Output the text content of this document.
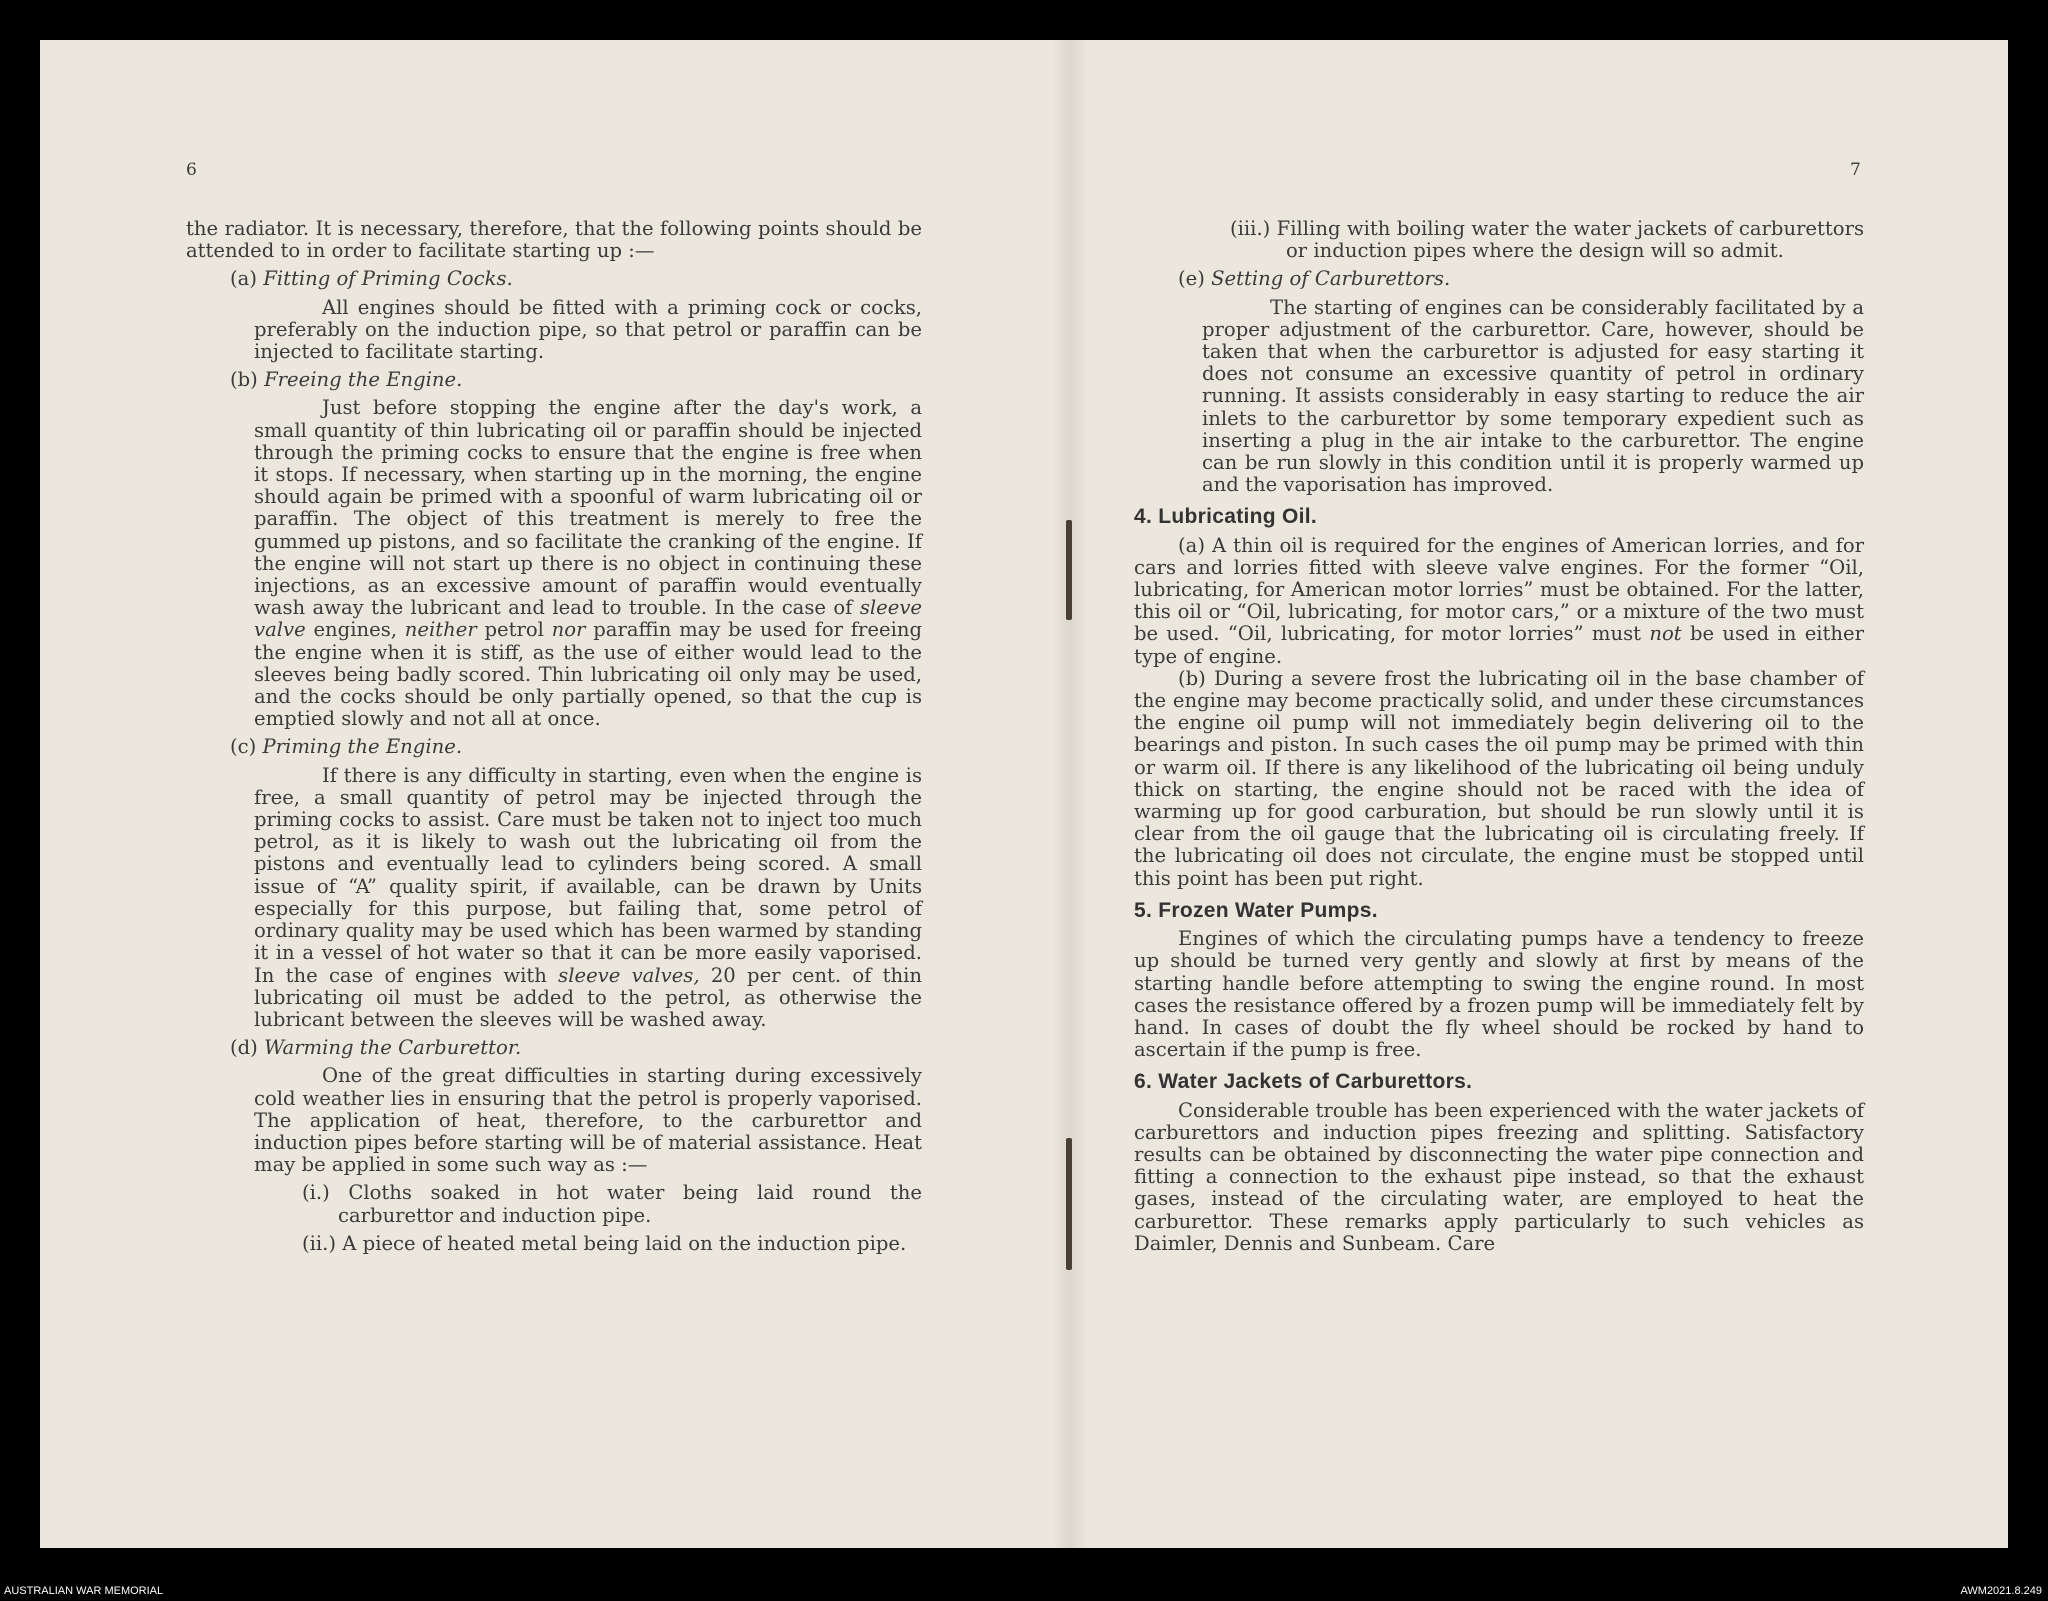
6	7

the radiator. It is necessary, therefore, that the following points should be attended to in order to facilitate starting up :—

(a) Fitting of Priming Cocks.

All engines should be fitted with a priming cock or cocks, preferably on the induction pipe, so that petrol or paraffin can be injected to facilitate starting.

(b) Freeing the Engine.

Just before stopping the engine after the day's work, a small quantity of thin lubricating oil or paraffin should be injected through the priming cocks to ensure that the engine is free when it stops. If necessary, when starting up in the morning, the engine should again be primed with a spoonful of warm lubricating oil or paraffin. The object of this treatment is merely to free the gummed up pistons, and so facilitate the cranking of the engine. If the engine will not start up there is no object in continuing these injections, as an excessive amount of paraffin would eventually wash away the lubricant and lead to trouble. In the case of sleeve valve engines, neither petrol nor paraffin may be used for freeing the engine when it is stiff, as the use of either would lead to the sleeves being badly scored. Thin lubricating oil only may be used, and the cocks should be only partially opened, so that the cup is emptied slowly and not all at once.

(c) Priming the Engine.

If there is any difficulty in starting, even when the engine is free, a small quantity of petrol may be injected through the priming cocks to assist. Care must be taken not to inject too much petrol, as it is likely to wash out the lubricating oil from the pistons and eventually lead to cylinders being scored. A small issue of “A” quality spirit, if available, can be drawn by Units especially for this purpose, but failing that, some petrol of ordinary quality may be used which has been warmed by standing it in a vessel of hot water so that it can be more easily vaporised. In the case of engines with sleeve valves, 20 per cent. of thin lubricating oil must be added to the petrol, as otherwise the lubricant between the sleeves will be washed away.

(d) Warming the Carburettor.

One of the great difficulties in starting during excessively cold weather lies in ensuring that the petrol is properly vaporised. The application of heat, therefore, to the carburettor and induction pipes before starting will be of material assistance. Heat may be applied in some such way as :—

(i.) Cloths soaked in hot water being laid round the carburettor and induction pipe.

(ii.) A piece of heated metal being laid on the induction pipe.

(iii.) Filling with boiling water the water jackets of carburettors or induction pipes where the design will so admit.

(e) Setting of Carburettors.

The starting of engines can be considerably facilitated by a proper adjustment of the carburettor. Care, however, should be taken that when the carburettor is adjusted for easy starting it does not consume an excessive quantity of petrol in ordinary running. It assists considerably in easy starting to reduce the air inlets to the carburettor by some temporary expedient such as inserting a plug in the air intake to the carburettor. The engine can be run slowly in this condition until it is properly warmed up and the vaporisation has improved.

4. Lubricating Oil.

(a) A thin oil is required for the engines of American lorries, and for cars and lorries fitted with sleeve valve engines. For the former “Oil, lubricating, for American motor lorries” must be obtained. For the latter, this oil or “Oil, lubricating, for motor cars,” or a mixture of the two must be used. “Oil, lubricating, for motor lorries” must not be used in either type of engine.

(b) During a severe frost the lubricating oil in the base chamber of the engine may become practically solid, and under these circumstances the engine oil pump will not immediately begin delivering oil to the bearings and piston. In such cases the oil pump may be primed with thin or warm oil. If there is any likelihood of the lubricating oil being unduly thick on starting, the engine should not be raced with the idea of warming up for good carburation, but should be run slowly until it is clear from the oil gauge that the lubricating oil is circulating freely. If the lubricating oil does not circulate, the engine must be stopped until this point has been put right.

5. Frozen Water Pumps.

Engines of which the circulating pumps have a tendency to freeze up should be turned very gently and slowly at first by means of the starting handle before attempting to swing the engine round. In most cases the resistance offered by a frozen pump will be immediately felt by hand. In cases of doubt the fly wheel should be rocked by hand to ascertain if the pump is free.

6. Water Jackets of Carburettors.

Considerable trouble has been experienced with the water jackets of carburettors and induction pipes freezing and splitting. Satisfactory results can be obtained by disconnecting the water pipe connection and fitting a connection to the exhaust pipe instead, so that the exhaust gases, instead of the circulating water, are employed to heat the carburettor. These remarks apply particularly to such vehicles as Daimler, Dennis and Sunbeam. Care

AUSTRALIAN WAR MEMORIAL	AWM2021.8.249
